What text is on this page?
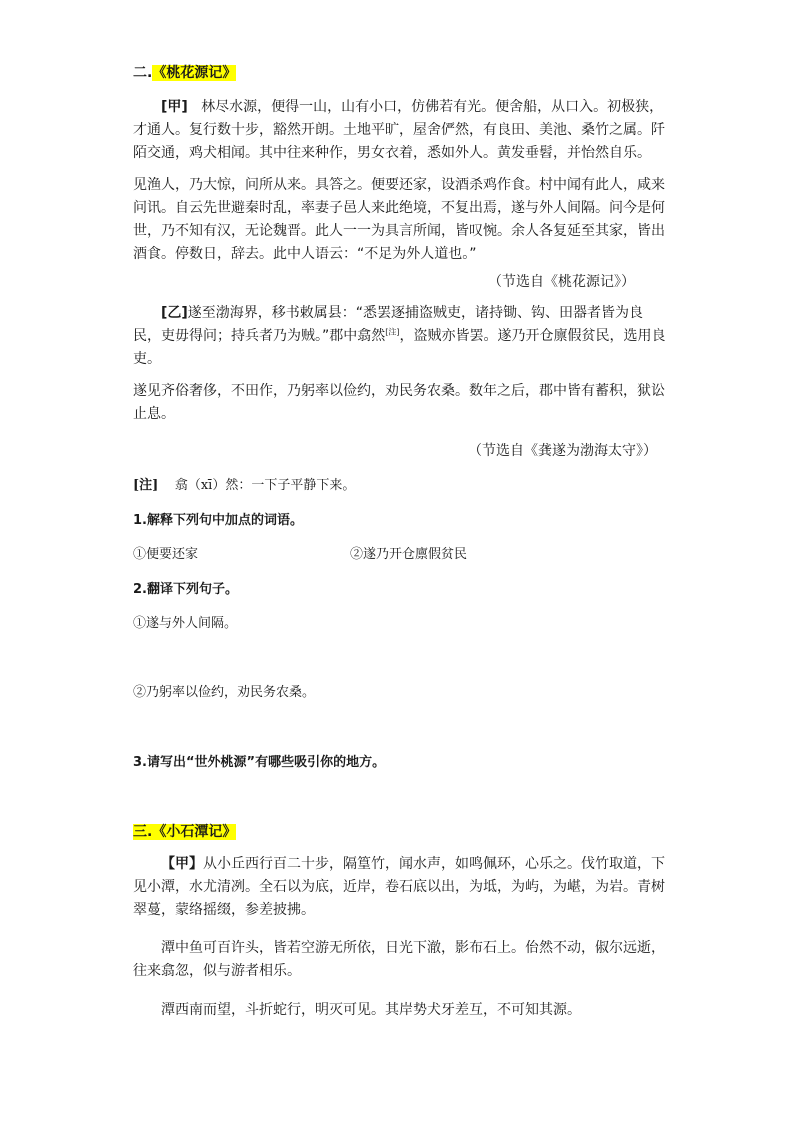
二.《桃花源记》
[甲] 林尽水源，便得一山，山有小口，仿佛若有光。便舍船，从口入。初极狭，才通人。复行数十步，豁然开朗。土地平旷，屋舍俨然，有良田、美池、桑竹之属。阡陌交通，鸡犬相闻。其中往来种作，男女衣着，悉如外人。黄发垂髫，并怡然自乐。
见渔人，乃大惊，问所从来。具答之。便要还家，设酒杀鸡作食。村中闻有此人，咸来问讯。自云先世避秦时乱，率妻子邑人来此绝境，不复出焉，遂与外人间隔。问今是何世，乃不知有汉，无论魏晋。此人一一为具言所闻，皆叹惋。余人各复延至其家，皆出酒食。停数日，辞去。此中人语云：“不足为外人道也。”
（节选自《桃花源记》）
[乙]遂至渤海界，移书敕属县：“悉罢逐捕盗贼吏，诸持锄、钩、田器者皆为良民，吏毋得问；持兵者乃为贼。”郡中翕然[注]，盗贼亦皆罢。遂乃开仓廪假贫民，选用良吏。
遂见齐俗奢侈，不田作，乃躬率以俭约，劝民务农桑。数年之后，郡中皆有蓄积，狱讼止息。
（节选自《龚遂为渤海太守》）
[注] 翕（xī）然：一下子平静下来。
1.解释下列句中加点的词语。
①便要还家	②遂乃开仓廪假贫民
2.翻译下列句子。
①遂与外人间隔。
②乃躬率以俭约，劝民务农桑。
3.请写出“世外桃源”有哪些吸引你的地方。
三.《小石潭记》
【甲】从小丘西行百二十步，隔篁竹，闻水声，如鸣佩环，心乐之。伐竹取道，下见小潭，水尤清冽。全石以为底，近岸，卷石底以出，为坻，为屿，为嵁，为岩。青树翠蔓，蒙络摇缀，参差披拂。
潭中鱼可百许头，皆若空游无所依，日光下澈，影布石上。佁然不动，俶尔远逝，往来翕忽，似与游者相乐。
潭西南而望，斗折蛇行，明灭可见。其岸势犬牙差互，不可知其源。
